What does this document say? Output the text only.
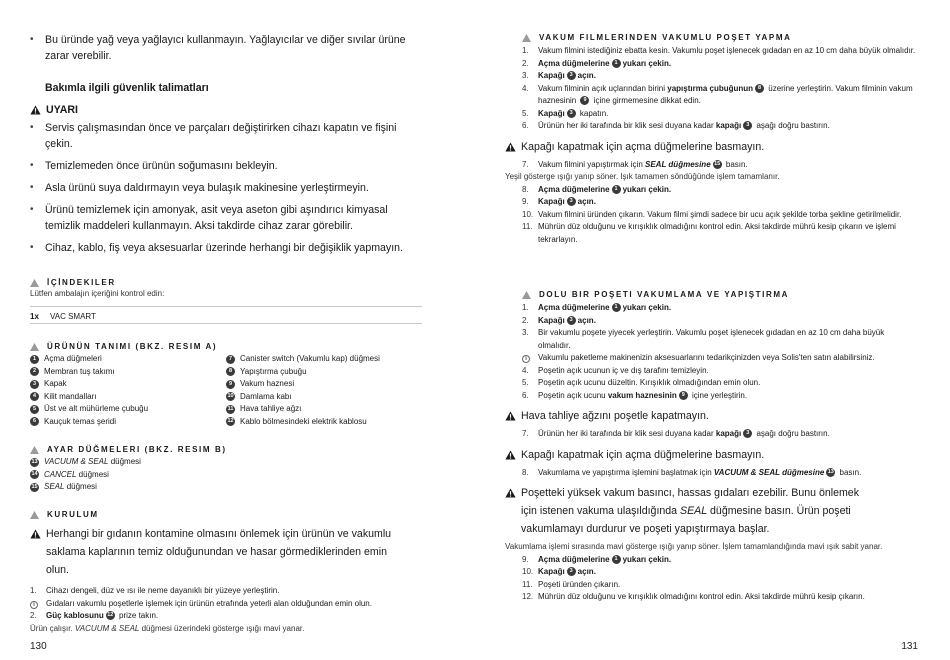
• Bu üründe yağ veya yağlayıcı kullanmayın. Yağlayıcılar ve diğer sıvılar ürüne zarar verebilir.
Bakımla ilgili güvenlik talimatları
UYARI
• Servis çalışmasından önce ve parçaları değiştirirken cihazı kapatın ve fişini çekin.
• Temizlemeden önce ürünün soğumasını bekleyin.
• Asla ürünü suya daldırmayın veya bulaşık makinesine yerleştirmeyin.
• Ürünü temizlemek için amonyak, asit veya aseton gibi aşındırıcı kimyasal temizlik maddeleri kullanmayın. Aksi takdirde cihaz zarar görebilir.
• Cihaz, kablo, fiş veya aksesuarlar üzerinde herhangi bir değişiklik yapmayın.
İÇİNDEKILER
Lütfen ambalajın içeriğini kontrol edin:
1x	VAC SMART
ÜRÜNÜN TANIMI (BKZ. RESIM A)
1 Açma düğmeleri
2 Membran tuş takımı
3 Kapak
4 Kilit mandalları
5 Üst ve alt mühürleme çubuğu
6 Kauçuk temas şeridi
7 Canister switch (Vakumlu kap) düğmesi
8 Yapıştırma çubuğu
9 Vakum haznesi
10 Damlama kabı
11 Hava tahliye ağzı
12 Kablo bölmesindeki elektrik kablosu
AYAR DÜĞMELERI (BKZ. RESIM B)
13 VACUUM & SEAL düğmesi
14 CANCEL düğmesi
15 SEAL düğmesi
KURULUM
Herhangi bir gıdanın kontamine olmasını önlemek için ürünün ve vakumlu
saklama kaplarının temiz olduğunundan ve hasar görmediklerinden emin
olun.
1.	Cihazı dengeli, düz ve ısı ile neme dayanıklı bir yüzeye yerleştirin.
i	Gıdaları vakumlu poşetlerle işlemek için ürünün etrafında yeterli alan olduğundan emin olun.
2.	Güç kablosunu 12 prize takın.
Ürün çalışır. VACUUM & SEAL düğmesi üzerindeki gösterge ışığı mavi yanar.
130
VAKUM FILMLERINDEN VAKUMLU POŞET YAPMA
1.	Vakum filmini istediğiniz ebatta kesin. Vakumlu poşet işlenecek gıdadan en az 10 cm daha büyük olmalıdır.
2.	Açma düğmelerine 1 yukarı çekin.
3.	Kapağı 3 açın.
4.	Vakum filminin açık uçlarından birini yapıştırma çubuğunun 8 üzerine yerleştirin. Vakum filminin vakum haznesinin 9 içine girmemesine dikkat edin.
5.	Kapağı 3 kapatın.
6.	Ürünün her iki tarafında bir klik sesi duyana kadar kapağı 3 aşağı doğru bastırın.
Kapağı kapatmak için açma düğmelerine basmayın.
7.	Vakum filmini yapıştırmak için SEAL düğmesine 15 basın.
Yeşil gösterge ışığı yanıp söner. Işık tamamen söndüğünde işlem tamamlanır.
8.	Açma düğmelerine 1 yukarı çekin.
9.	Kapağı 3 açın.
10. Vakum filmini üründen çıkarın. Vakum filmi şimdi sadece bir ucu açık şekilde torba şekline getirilmelidir.
11. Mührün düz olduğunu ve kırışıklık olmadığını kontrol edin. Aksi takdirde mührü kesip çıkarın ve işlemi tekrarlayın.
DOLU BIR POŞETI VAKUMLAMA VE YAPIŞTIRMA
1.	Açma düğmelerine 1 yukarı çekin.
2.	Kapağı 3 açın.
3.	Bir vakumlu poşete yiyecek yerleştirin. Vakumlu poşet işlenecek gıdadan en az 10 cm daha büyük olmalıdır.
i	Vakumlu paketleme makinenizin aksesuarlarını tedarikçinizden veya Solis'ten satın alabilirsiniz.
4.	Poşetin açık ucunun iç ve dış tarafını temizleyin.
5.	Poşetin açık ucunu düzeltin. Kırışıklık olmadığından emin olun.
6.	Poşetin açık ucunu vakum haznesinin 9 içine yerleştirin.
Hava tahliye ağzını poşetle kapatmayın.
7.	Ürünün her iki tarafında bir klik sesi duyana kadar kapağı 3 aşağı doğru bastırın.
Kapağı kapatmak için açma düğmelerine basmayın.
8.	Vakumlama ve yapıştırma işlemini başlatmak için VACUUM & SEAL düğmesine 13 basın.
Poşetteki yüksek vakum basıncı, hassas gıdaları ezebilir. Bunu önlemek
için istenen vakuma ulaşıldığında SEAL düğmesine basın. Ürün poşeti
vakumlamayı durdurur ve poşeti yapıştırmaya başlar.
Vakumlama işlemi sırasında mavi gösterge ışığı yanıp söner. İşlem tamamlandığında mavi ışık sabit yanar.
9.	Açma düğmelerine 1 yukarı çekin.
10. Kapağı 3 açın.
11. Poşeti üründen çıkarın.
12. Mührün düz olduğunu ve kırışıklık olmadığını kontrol edin. Aksi takdirde mührü kesip çıkarın.
131
